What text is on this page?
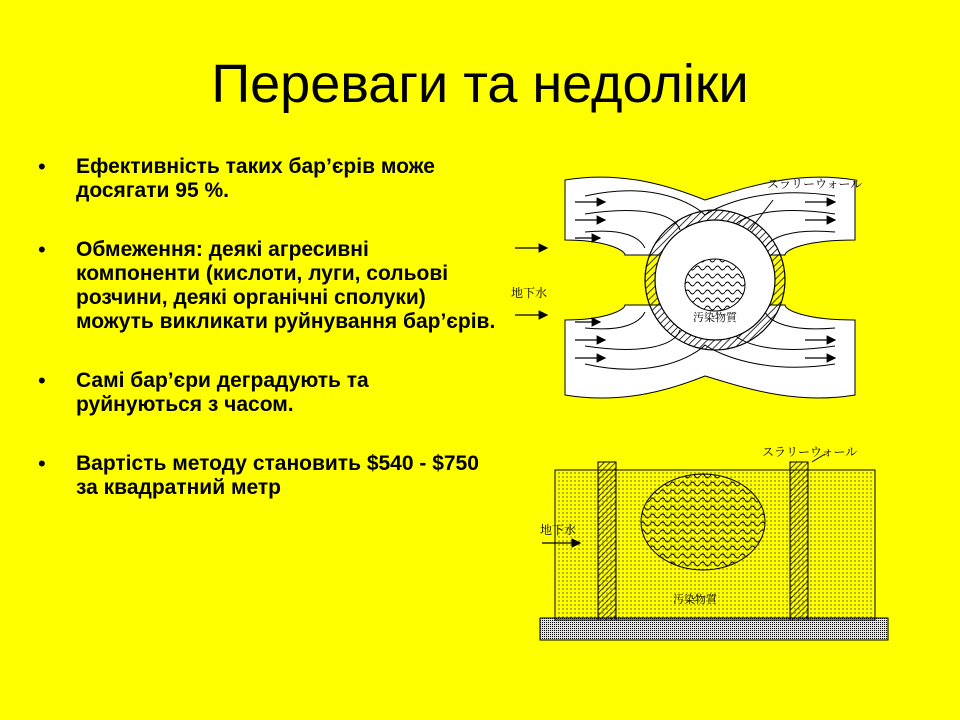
Переваги та недоліки
• Ефективність таких бар’єрів може досягати 95 %.
• Обмеження: деякі агресивні компоненти (кислоти, луги, сольові розчини, деякі органічні сполуки) можуть викликати руйнування бар’єрів.
• Самі бар’єри деградують та руйнуються з часом.
• Вартість методу становить $540 - $750 за квадратний метр
スラリーウォール
地下水
汚染物質
スラリーウォール
地下水
汚染物質
